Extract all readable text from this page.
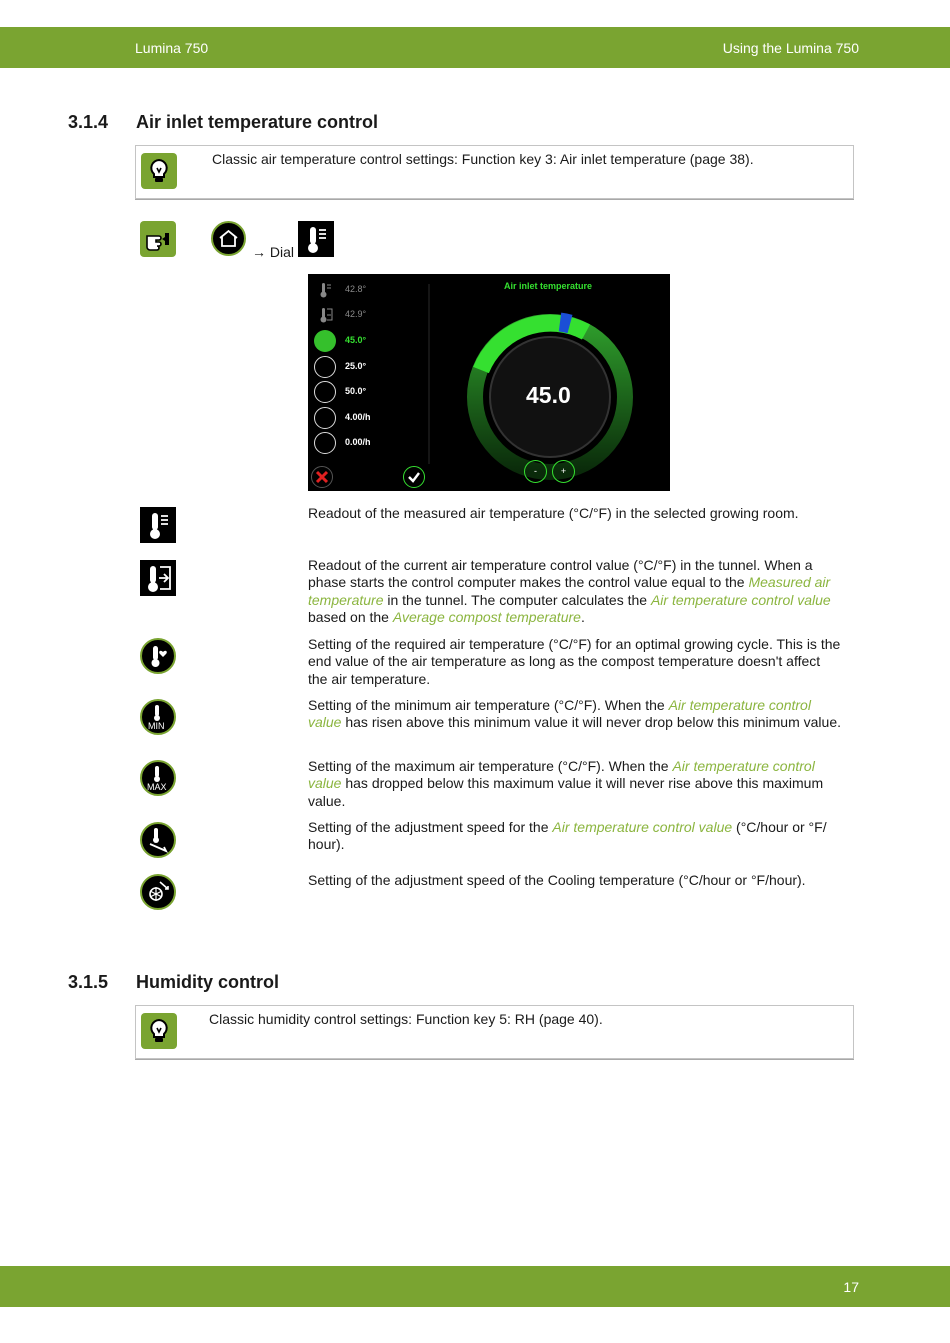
Lumina 750	Using the Lumina 750
3.1.4 Air inlet temperature control
Classic air temperature control settings: Function key 3: Air inlet temperature (page 38).
→ Dial
Air inlet temperature
45.0
42.8°
42.9°
45.0°
25.0°
50.0°
4.00/h
0.00/h
-	+
Readout of the measured air temperature (°C/°F) in the selected growing room.
Readout of the current air temperature control value (°C/°F) in the tunnel. When a phase starts the control computer makes the control value equal to the Measured air temperature in the tunnel. The computer calculates the Air temperature control value based on the Average compost temperature.
Setting of the required air temperature (°C/°F) for an optimal growing cycle. This is the end value of the air temperature as long as the compost temperature doesn't affect the air temperature.
MIN
Setting of the minimum air temperature (°C/°F). When the Air temperature control value has risen above this minimum value it will never drop below this minimum value.
MAX
Setting of the maximum air temperature (°C/°F). When the Air temperature control value has dropped below this maximum value it will never rise above this maximum value.
Setting of the adjustment speed for the Air temperature control value (°C/hour or °F/ hour).
Setting of the adjustment speed of the Cooling temperature (°C/hour or °F/hour).
3.1.5 Humidity control
Classic humidity control settings: Function key 5: RH (page 40).
17
